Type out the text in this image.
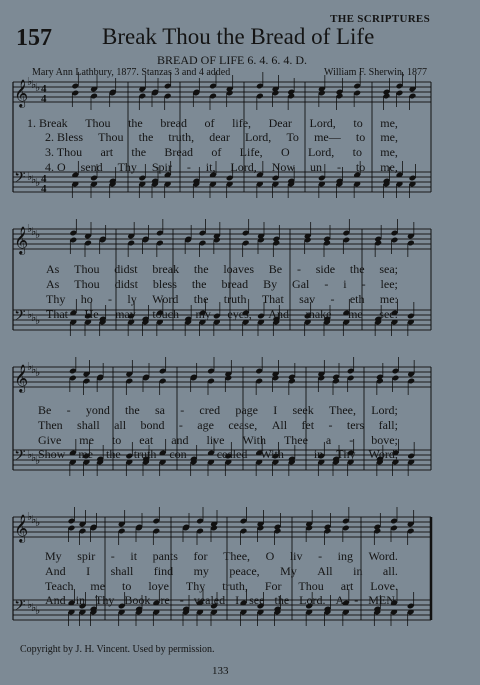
THE SCRIPTURES
157 Break Thou the Bread of Life
BREAD OF LIFE 6. 4. 6. 4. D.
Mary Ann Lathbury, 1877. Stanzas 3 and 4 added	William F. Sherwin, 1877
𝄞
♭
♭
♭ 4
4
𝄢 ♭
♭
♭ 4
4
𝄞
♭
♭
♭
𝄢 ♭
♭
♭
𝄞
♭
♭
♭
𝄢 ♭
♭
♭
𝄞
♭
♭
♭
𝄢 ♭
♭
♭
1. Break Thou the bread of life, Dear Lord, to me,
2. Bless Thou the truth, dear Lord, To me— to me,
3. Thou art the Bread of Life, O Lord, to me,
4. O send Thy Spir - it, Lord, Now un - to me,
As Thou didst break the loaves Be - side the sea;
As Thou didst bless the bread By Gal - i - lee;
Thy ho - ly Word the truth That sav - eth me:
That He may touch my eyes, And make me see:
Be - yond the sa - cred page I seek Thee, Lord;
Then shall all bond - age cease, All fet - ters fall;
Give me to eat and live With Thee a - bove;
Show me the truth con - cealed With - in Thy Word,
My spir - it pants for Thee, O liv - ing Word.
And I shall find my peace, My All in all.
Teach me to love Thy truth, For Thou art Love.
And in Thy Book re - vealed I see the Lord. A - MEN.
Copyright by J. H. Vincent. Used by permission.
133
